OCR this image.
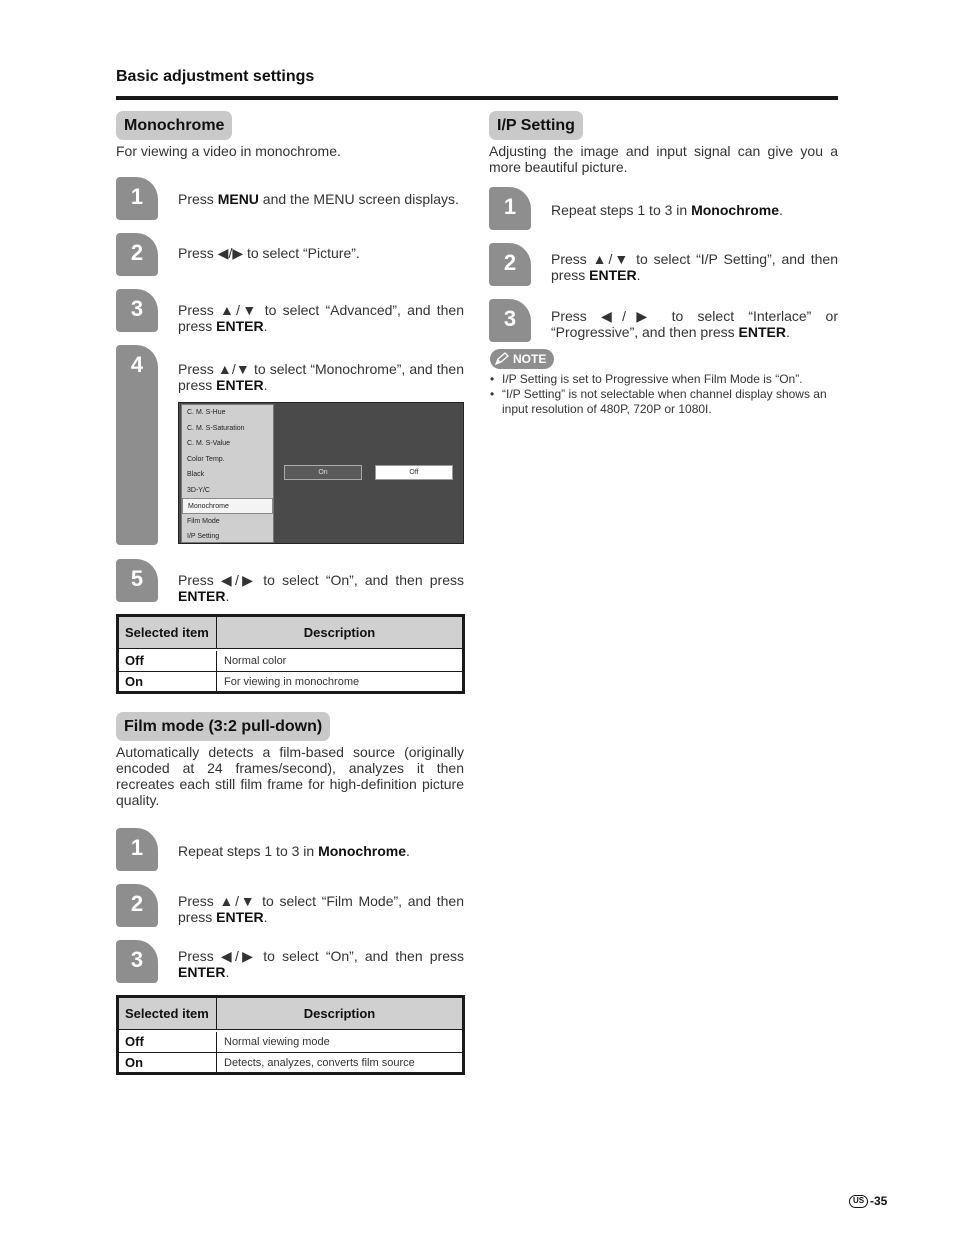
Basic adjustment settings
Monochrome
For viewing a video in monochrome.
1	Press MENU and the MENU screen displays.
2	Press ◀/▶ to select “Picture”.
3	Press ▲/▼ to select “Advanced”, and then press ENTER.
4	Press ▲/▼ to select “Monochrome”, and then press ENTER.
C. M. S-Hue
C. M. S-Saturation
C. M. S-Value
Color Temp.
Black
3D-Y/C
Monochrome
Film Mode
I/P Setting
On	Off
5	Press ◀/▶ to select “On”, and then press ENTER.
Selected item	Description
Off	Normal color
On	For viewing in monochrome
Film mode (3:2 pull-down)
Automatically detects a film-based source (originally encoded at 24 frames/second), analyzes it then recreates each still film frame for high-definition picture quality.
1	Repeat steps 1 to 3 in Monochrome.
2	Press ▲/▼ to select “Film Mode”, and then press ENTER.
3	Press ◀/▶ to select “On”, and then press ENTER.
Selected item	Description
Off	Normal viewing mode
On	Detects, analyzes, converts film source
I/P Setting
Adjusting the image and input signal can give you a more beautiful picture.
1	Repeat steps 1 to 3 in Monochrome.
2	Press ▲/▼ to select “I/P Setting”, and then press ENTER.
3	Press ◀/▶ to select “Interlace” or “Progressive”, and then press ENTER.
NOTE
• I/P Setting is set to Progressive when Film Mode is “On”.
• “I/P Setting” is not selectable when channel display shows an input resolution of 480P, 720P or 1080I.
US -35
